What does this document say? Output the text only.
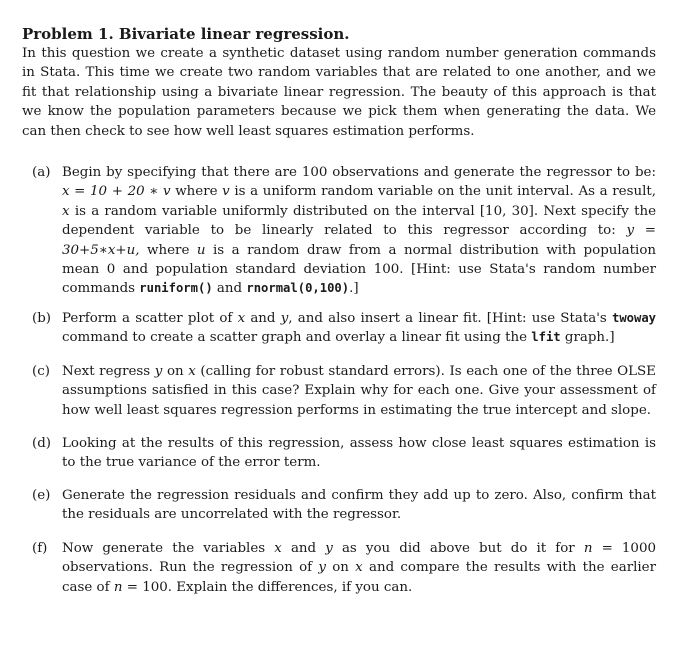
Problem 1. Bivariate linear regression.
In this question we create a synthetic dataset using random number generation commands in Stata. This time we create two random variables that are related to one another, and we fit that relationship using a bivariate linear regression. The beauty of this approach is that we know the population parameters because we pick them when generating the data. We can then check to see how well least squares estimation performs.
(a) Begin by specifying that there are 100 observations and generate the regressor to be: x = 10 + 20 ∗ v where v is a uniform random variable on the unit interval. As a result, x is a random variable uniformly distributed on the interval [10, 30]. Next specify the dependent variable to be linearly related to this regressor according to: y = 30+5∗x+u, where u is a random draw from a normal distribution with population mean 0 and population standard deviation 100. [Hint: use Stata's random number commands runiform() and rnormal(0,100).]
(b) Perform a scatter plot of x and y, and also insert a linear fit. [Hint: use Stata's twoway command to create a scatter graph and overlay a linear fit using the lfit graph.]
(c) Next regress y on x (calling for robust standard errors). Is each one of the three OLSE assumptions satisfied in this case? Explain why for each one. Give your assessment of how well least squares regression performs in estimating the true intercept and slope.
(d) Looking at the results of this regression, assess how close least squares estimation is to the true variance of the error term.
(e) Generate the regression residuals and confirm they add up to zero. Also, confirm that the residuals are uncorrelated with the regressor.
(f) Now generate the variables x and y as you did above but do it for n = 1000 observations. Run the regression of y on x and compare the results with the earlier case of n = 100. Explain the differences, if you can.
